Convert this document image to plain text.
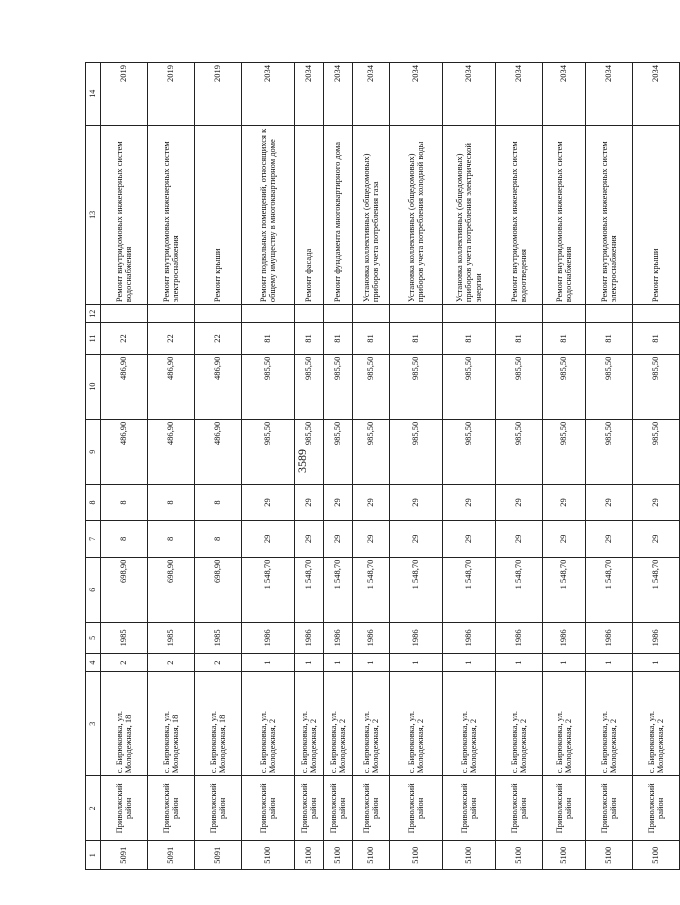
3589
1	2	3	4	5	6	7	8	9	10	11	12	13	14
5091	Приволжский район	с. Бирюковка, ул. Молодежная, 18	2	1985	698,90	8	8	486,90	486,90	22		Ремонт внутридомовых инженерных систем водоснабжения	2019
5091	Приволжский район	с. Бирюковка, ул. Молодежная, 18	2	1985	698,90	8	8	486,90	486,90	22		Ремонт внутридомовых инженерных систем электроснабжения	2019
5091	Приволжский район	с. Бирюковка, ул. Молодежная, 18	2	1985	698,90	8	8	486,90	486,90	22		Ремонт крыши	2019
5100	Приволжский район	с. Бирюковка, ул. Молодежная, 2	1	1986	1 548,70	29	29	985,50	985,50	81		Ремонт подвальных помещений, относящихся к общему имуществу в многоквартирном доме	2034
5100	Приволжский район	с. Бирюковка, ул. Молодежная, 2	1	1986	1 548,70	29	29	985,50	985,50	81		Ремонт фасада	2034
5100	Приволжский район	с. Бирюковка, ул. Молодежная, 2	1	1986	1 548,70	29	29	985,50	985,50	81		Ремонт фундамента многоквартирного дома	2034
5100	Приволжский район	с. Бирюковка, ул. Молодежная, 2	1	1986	1 548,70	29	29	985,50	985,50	81		Установка коллективных (общедомовых) приборов учета потребления газа	2034
5100	Приволжский район	с. Бирюковка, ул. Молодежная, 2	1	1986	1 548,70	29	29	985,50	985,50	81		Установка коллективных (общедомовых) приборов учета потребления холодной воды	2034
5100	Приволжский район	с. Бирюковка, ул. Молодежная, 2	1	1986	1 548,70	29	29	985,50	985,50	81		Установка коллективных (общедомовых) приборов учета потребления электрической энергии	2034
5100	Приволжский район	с. Бирюковка, ул. Молодежная, 2	1	1986	1 548,70	29	29	985,50	985,50	81		Ремонт внутридомовых инженерных систем водоотведения	2034
5100	Приволжский район	с. Бирюковка, ул. Молодежная, 2	1	1986	1 548,70	29	29	985,50	985,50	81		Ремонт внутридомовых инженерных систем водоснабжения	2034
5100	Приволжский район	с. Бирюковка, ул. Молодежная, 2	1	1986	1 548,70	29	29	985,50	985,50	81		Ремонт внутридомовых инженерных систем электроснабжения	2034
5100	Приволжский район	с. Бирюковка, ул. Молодежная, 2	1	1986	1 548,70	29	29	985,50	985,50	81		Ремонт крыши	2034
